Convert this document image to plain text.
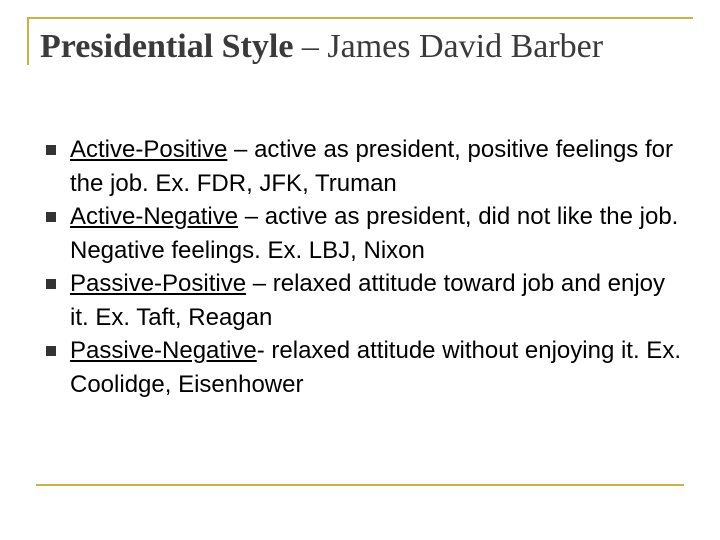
Presidential Style – James David Barber
Active-Positive – active as president, positive feelings for the job. Ex. FDR, JFK, Truman
Active-Negative – active as president, did not like the job. Negative feelings. Ex. LBJ, Nixon
Passive-Positive – relaxed attitude toward job and enjoy it. Ex. Taft, Reagan
Passive-Negative- relaxed attitude without enjoying it. Ex. Coolidge, Eisenhower
